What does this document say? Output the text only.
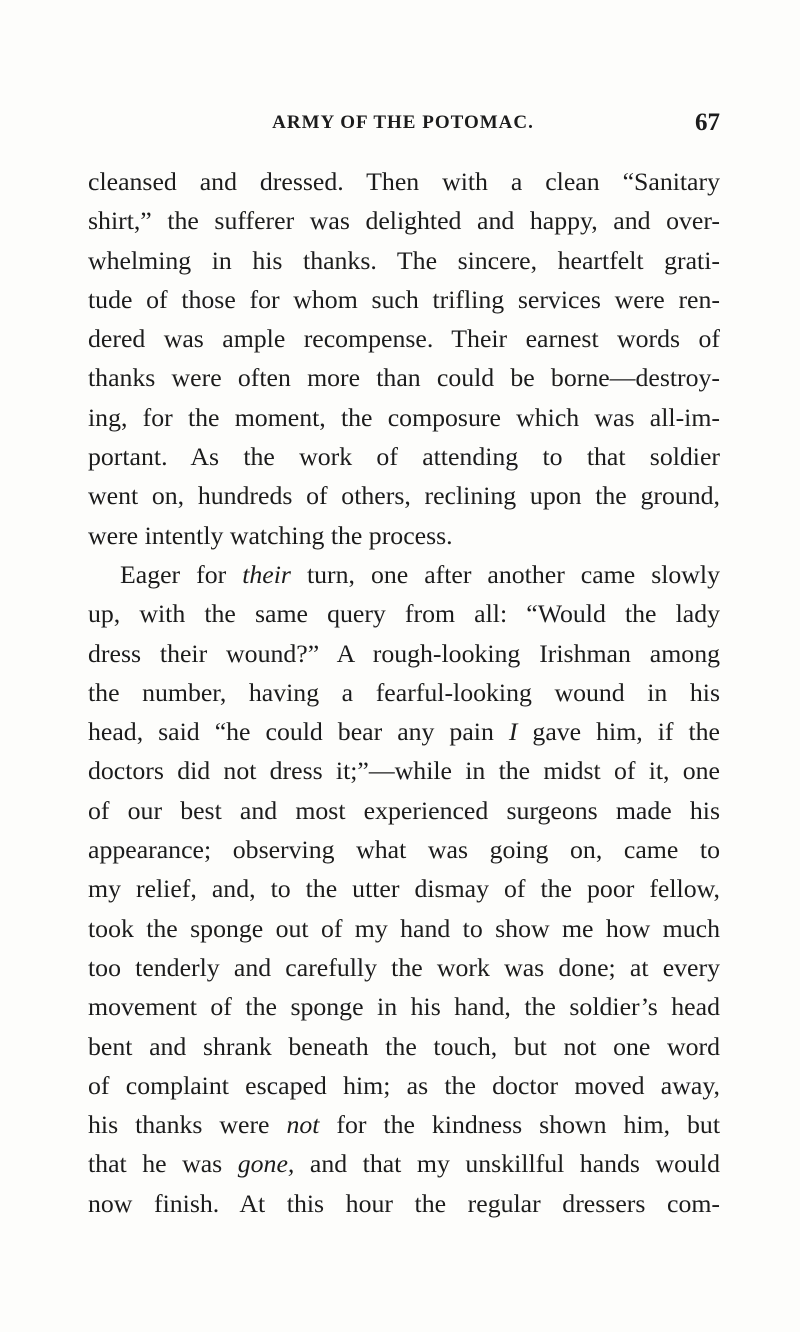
ARMY OF THE POTOMAC.	67
cleansed and dressed. Then with a clean “Sanitary
shirt,” the sufferer was delighted and happy, and over-
whelming in his thanks. The sincere, heartfelt grati-
tude of those for whom such trifling services were ren-
dered was ample recompense. Their earnest words of
thanks were often more than could be borne—destroy-
ing, for the moment, the composure which was all-im-
portant. As the work of attending to that soldier
went on, hundreds of others, reclining upon the ground,
were intently watching the process.
Eager for their turn, one after another came slowly
up, with the same query from all: “Would the lady
dress their wound?” A rough-looking Irishman among
the number, having a fearful-looking wound in his
head, said “he could bear any pain I gave him, if the
doctors did not dress it;”—while in the midst of it, one
of our best and most experienced surgeons made his
appearance; observing what was going on, came to
my relief, and, to the utter dismay of the poor fellow,
took the sponge out of my hand to show me how much
too tenderly and carefully the work was done; at every
movement of the sponge in his hand, the soldier’s head
bent and shrank beneath the touch, but not one word
of complaint escaped him; as the doctor moved away,
his thanks were not for the kindness shown him, but
that he was gone, and that my unskillful hands would
now finish. At this hour the regular dressers com-
